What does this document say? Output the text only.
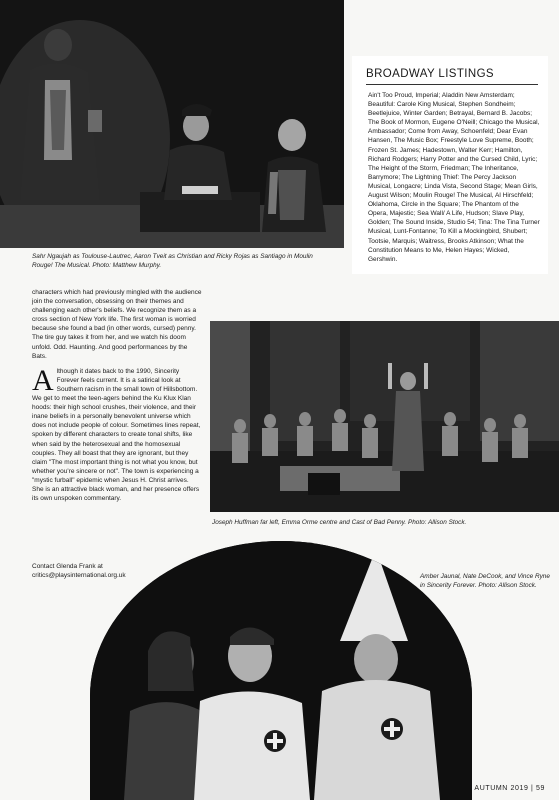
Sahr Ngaujah as Toulouse-Lautrec, Aaron Tveit as Christian and Ricky Rojas as Santiago in Moulin Rouge! The Musical. Photo: Matthew Murphy.
BROADWAY LISTINGS
Ain't Too Proud, Imperial; Aladdin New Amsterdam; Beautiful: Carole King Musical, Stephen Sondheim; Beetlejuice, Winter Garden; Betrayal, Bernard B. Jacobs; The Book of Mormon, Eugene O'Neill; Chicago the Musical, Ambassador; Come from Away, Schoenfeld; Dear Evan Hansen, The Music Box; Freestyle Love Supreme, Booth; Frozen St. James; Hadestown, Walter Kerr; Hamilton, Richard Rodgers; Harry Potter and the Cursed Child, Lyric; The Height of the Storm, Friedman; The Inheritance, Barrymore; The Lightning Thief: The Percy Jackson Musical, Longacre; Linda Vista, Second Stage; Mean Girls, August Wilson; Moulin Rouge! The Musical, Al Hirschfeld; Oklahoma, Circle in the Square; The Phantom of the Opera, Majestic; Sea Wall/ A Life, Hudson; Slave Play, Golden; The Sound Inside, Studio 54; Tina: The Tina Turner Musical, Lunt-Fontanne; To Kill a Mockingbird, Shubert; Tootsie, Marquis; Waitress, Brooks Atkinson; What the Constitution Means to Me, Helen Hayes; Wicked, Gershwin.

characters which had previously mingled with the audience join the conversation, obsessing on their themes and challenging each other's beliefs. We recognize them as a cross section of New York life. The first woman is worried because she found a bad (in other words, cursed) penny. The tire guy takes it from her, and we watch his doom unfold. Odd. Haunting. And good performances by the Bats.

Although it dates back to the 1990, Sincerity Forever feels current. It is a satirical look at Southern racism in the small town of Hillsbottom. We get to meet the teen-agers behind the Ku Klux Klan hoods: their high school crushes, their violence, and their inane beliefs in a personally benevolent universe which does not include people of colour. Sometimes lines repeat, spoken by different characters to create tonal shifts, like when said by the heterosexual and the homosexual couples. They all boast that they are ignorant, but they claim "The most important thing is not what you know, but whether you're sincere or not". The town is experiencing a "mystic furball" epidemic when Jesus H. Christ arrives. She is an attractive black woman, and her presence offers its own unspoken commentary.

Contact Glenda Frank at critics@playsinternational.org.uk
Joseph Huffman far left, Emma Orme centre and Cast of Bad Penny. Photo: Allison Stock.
Amber Jaunal, Nate DeCook, and Vince Ryne in Sincerity Forever. Photo: Allison Stock.
AUTUMN 2019 | 59
